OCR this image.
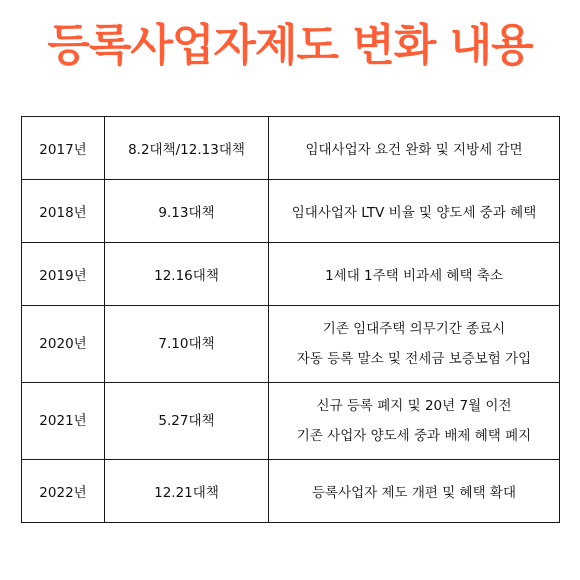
등록사업자제도 변화 내용
2017년	8.2대책/12.13대책	임대사업자 요건 완화 및 지방세 감면

2018년	9.13대책	임대사업자 LTV 비율 및 양도세 중과 혜택

2019년	12.16대책	1세대 1주택 비과세 혜택 축소

2020년	7.10대책	기존 임대주택 의무기간 종료시
자동 등록 말소 및 전세금 보증보험 가입

2021년	5.27대책	신규 등록 폐지 및 20년 7월 이전
기존 사업자 양도세 중과 배제 혜택 폐지

2022년	12.21대책	등록사업자 제도 개편 및 혜택 확대
